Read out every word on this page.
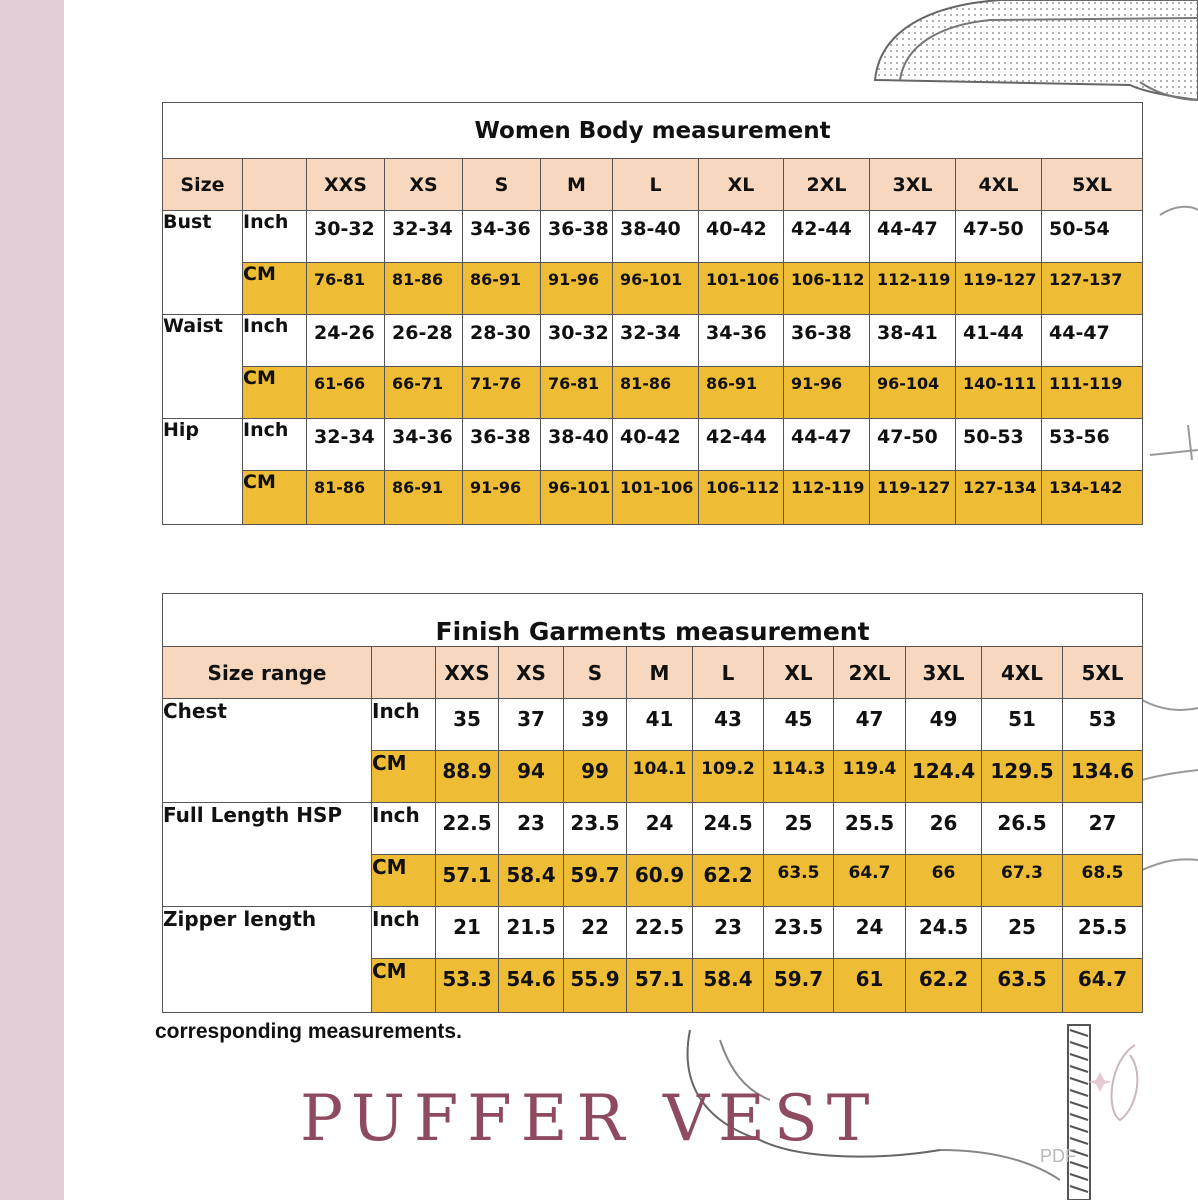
Women Body measurement											
Size		XXS	XS	S	M	L	XL	2XL	3XL	4XL	5XL
Bust	Inch	30-32	32-34	34-36	36-38	38-40	40-42	42-44	44-47	47-50	50-54
	CM	76-81	81-86	86-91	91-96	96-101	101-106	106-112	112-119	119-127	127-137
Waist	Inch	24-26	26-28	28-30	30-32	32-34	34-36	36-38	38-41	41-44	44-47
	CM	61-66	66-71	71-76	76-81	81-86	86-91	91-96	96-104	140-111	111-119
Hip	Inch	32-34	34-36	36-38	38-40	40-42	42-44	44-47	47-50	50-53	53-56
	CM	81-86	86-91	91-96	96-101	101-106	106-112	112-119	119-127	127-134	134-142
Finish Garments measurement											
Size range		XXS	XS	S	M	L	XL	2XL	3XL	4XL	5XL
Chest	Inch	35	37	39	41	43	45	47	49	51	53
	CM	88.9	94	99	104.1	109.2	114.3	119.4	124.4	129.5	134.6
Full Length HSP	Inch	22.5	23	23.5	24	24.5	25	25.5	26	26.5	27
	CM	57.1	58.4	59.7	60.9	62.2	63.5	64.7	66	67.3	68.5
Zipper length	Inch	21	21.5	22	22.5	23	23.5	24	24.5	25	25.5
	CM	53.3	54.6	55.9	57.1	58.4	59.7	61	62.2	63.5	64.7
corresponding measurements.
PUFFER VEST	PDF
